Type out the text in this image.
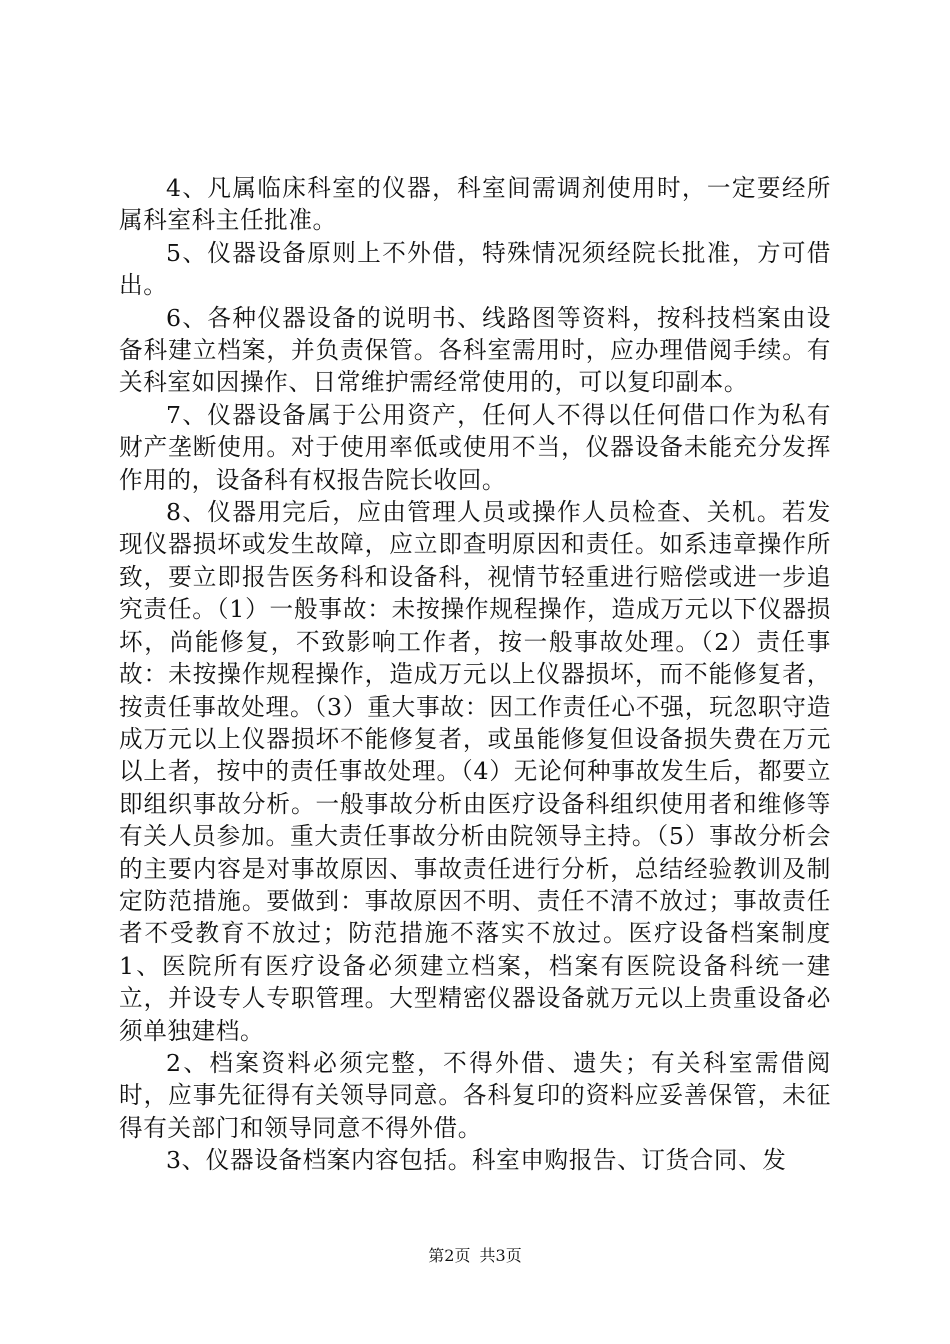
4、凡属临床科室的仪器，科室间需调剂使用时，一定要经所属科室科主任批准。

5、仪器设备原则上不外借，特殊情况须经院长批准，方可借出。

6、各种仪器设备的说明书、线路图等资料，按科技档案由设备科建立档案，并负责保管。各科室需用时，应办理借阅手续。有关科室如因操作、日常维护需经常使用的，可以复印副本。

7、仪器设备属于公用资产，任何人不得以任何借口作为私有财产垄断使用。对于使用率低或使用不当，仪器设备未能充分发挥作用的，设备科有权报告院长收回。

8、仪器用完后，应由管理人员或操作人员检查、关机。若发现仪器损坏或发生故障，应立即查明原因和责任。如系违章操作所致，要立即报告医务科和设备科，视情节轻重进行赔偿或进一步追究责任。（1）一般事故：未按操作规程操作，造成万元以下仪器损坏，尚能修复，不致影响工作者，按一般事故处理。（2）责任事故：未按操作规程操作，造成万元以上仪器损坏，而不能修复者，按责任事故处理。（3）重大事故：因工作责任心不强，玩忽职守造成万元以上仪器损坏不能修复者，或虽能修复但设备损失费在万元以上者，按中的责任事故处理。（4）无论何种事故发生后，都要立即组织事故分析。一般事故分析由医疗设备科组织使用者和维修等有关人员参加。重大责任事故分析由院领导主持。（5）事故分析会的主要内容是对事故原因、事故责任进行分析，总结经验教训及制定防范措施。要做到：事故原因不明、责任不清不放过；事故责任者不受教育不放过；防范措施不落实不放过。医疗设备档案制度1、医院所有医疗设备必须建立档案，档案有医院设备科统一建立，并设专人专职管理。大型精密仪器设备就万元以上贵重设备必须单独建档。

2、档案资料必须完整，不得外借、遗失；有关科室需借阅时，应事先征得有关领导同意。各科复印的资料应妥善保管，未征得有关部门和领导同意不得外借。

3、仪器设备档案内容包括。科室申购报告、订货合同、发

第2页 共3页
